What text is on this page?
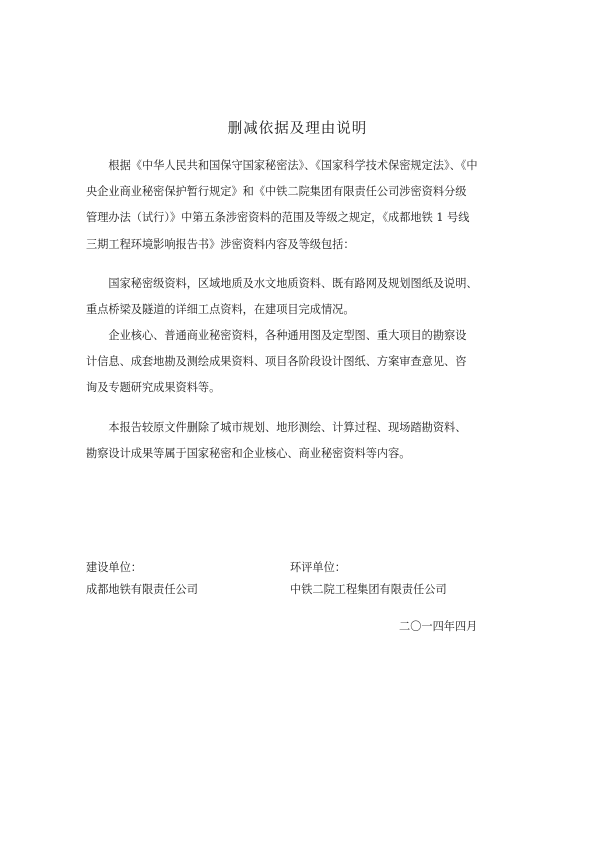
删减依据及理由说明

　　根据《中华人民共和国保守国家秘密法》、《国家科学技术保密规定法》、《中
央企业商业秘密保护暂行规定》和《中铁二院集团有限责任公司涉密资料分级
管理办法（试行）》中第五条涉密资料的范围及等级之规定，《成都地铁 1 号线
三期工程环境影响报告书》涉密资料内容及等级包括：

　　国家秘密级资料，区域地质及水文地质资料、既有路网及规划图纸及说明、
重点桥梁及隧道的详细工点资料，在建项目完成情况。

　　企业核心、普通商业秘密资料，各种通用图及定型图、重大项目的勘察设
计信息、成套地勘及测绘成果资料、项目各阶段设计图纸、方案审查意见、咨
询及专题研究成果资料等。

　　本报告较原文件删除了城市规划、地形测绘、计算过程、现场踏勘资料、
勘察设计成果等属于国家秘密和企业核心、商业秘密资料等内容。

建设单位：
成都地铁有限责任公司
环评单位：
中铁二院工程集团有限责任公司
二〇一四年四月
